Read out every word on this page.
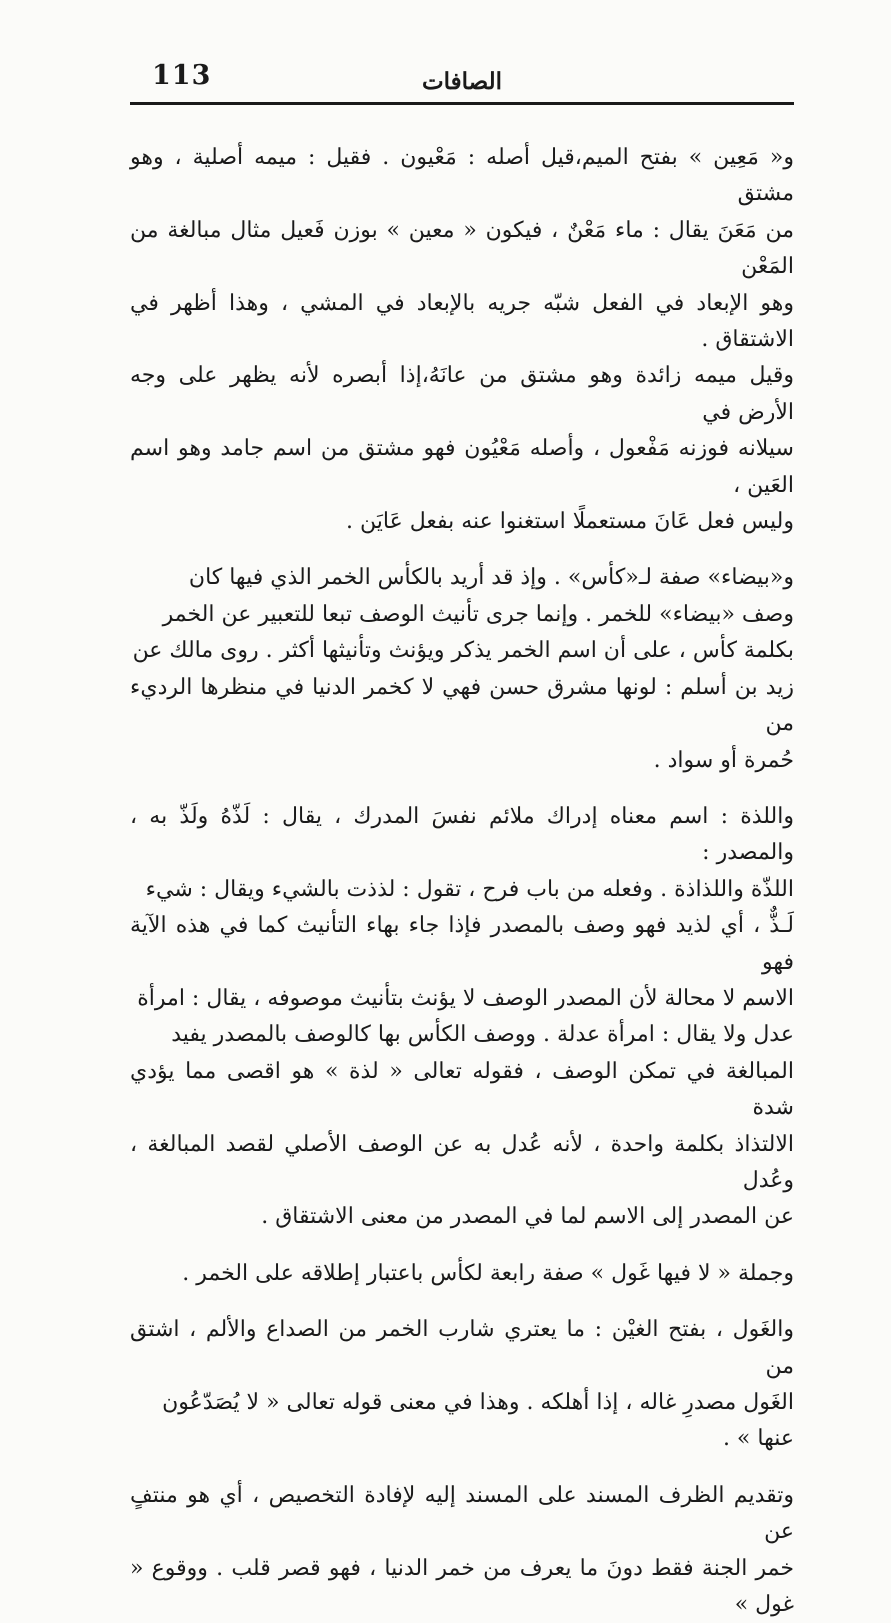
113	الصافات

و« مَعِين » بفتح الميم،قيل أصله : مَعْيون . فقيل : ميمه أصلية ، وهو مشتق
من مَعَنَ يقال : ماء مَعْنٌ ، فيكون « معين » بوزن فَعيل مثال مبالغة من المَعْن
وهو الإبعاد في الفعل شبّه جريه بالإبعاد في المشي ، وهذا أظهر في الاشتقاق .
وقيل ميمه زائدة وهو مشتق من عانَهُ،إذا أبصره لأنه يظهر على وجه الأرض في
سيلانه فوزنه مَفْعول ، وأصله مَعْيُون فهو مشتق من اسم جامد وهو اسم العَين ،
وليس فعل عَانَ مستعملًا استغنوا عنه بفعل عَايَن .

و«بيضاء» صفة لـ«كأس» . وإذ قد أريد بالكأس الخمر الذي فيها كان
وصف «بيضاء» للخمر . وإنما جرى تأنيث الوصف تبعا للتعبير عن الخمر
بكلمة كأس ، على أن اسم الخمر يذكر ويؤنث وتأنيثها أكثر . روى مالك عن
زيد بن أسلم : لونها مشرق حسن فهي لا كخمر الدنيا في منظرها الرديء من
حُمرة أو سواد .

واللذة : اسم معناه إدراك ملائم نفسَ المدرك ، يقال : لَذّهُ ولَذّ به ، والمصدر :
اللذّة واللذاذة . وفعله من باب فرح ، تقول : لذذت بالشيء ويقال : شيء
لَـذٌّ ، أي لذيد فهو وصف بالمصدر فإذا جاء بهاء التأنيث كما في هذه الآية فهو
الاسم لا محالة لأن المصدر الوصف لا يؤنث بتأنيث موصوفه ، يقال : امرأة
عدل ولا يقال : امرأة عدلة . ووصف الكأس بها كالوصف بالمصدر يفيد
المبالغة في تمكن الوصف ، فقوله تعالى « لذة » هو اقصى مما يؤدي شدة
الالتذاذ بكلمة واحدة ، لأنه عُدل به عن الوصف الأصلي لقصد المبالغة ، وعُدل
عن المصدر إلى الاسم لما في المصدر من معنى الاشتقاق .

وجملة « لا فيها غَول » صفة رابعة لكأس باعتبار إطلاقه على الخمر .

والغَول ، بفتح الغيْن : ما يعتري شارب الخمر من الصداع والألم ، اشتق من
الغَول مصدرِ غاله ، إذا أهلكه . وهذا في معنى قوله تعالى « لا يُصَدّعُون
عنها » .

وتقديم الظرف المسند على المسند إليه لإفادة التخصيص ، أي هو منتفٍ عن
خمر الجنة فقط دونَ ما يعرف من خمر الدنيا ، فهو قصر قلب . ووقوع « غول »
